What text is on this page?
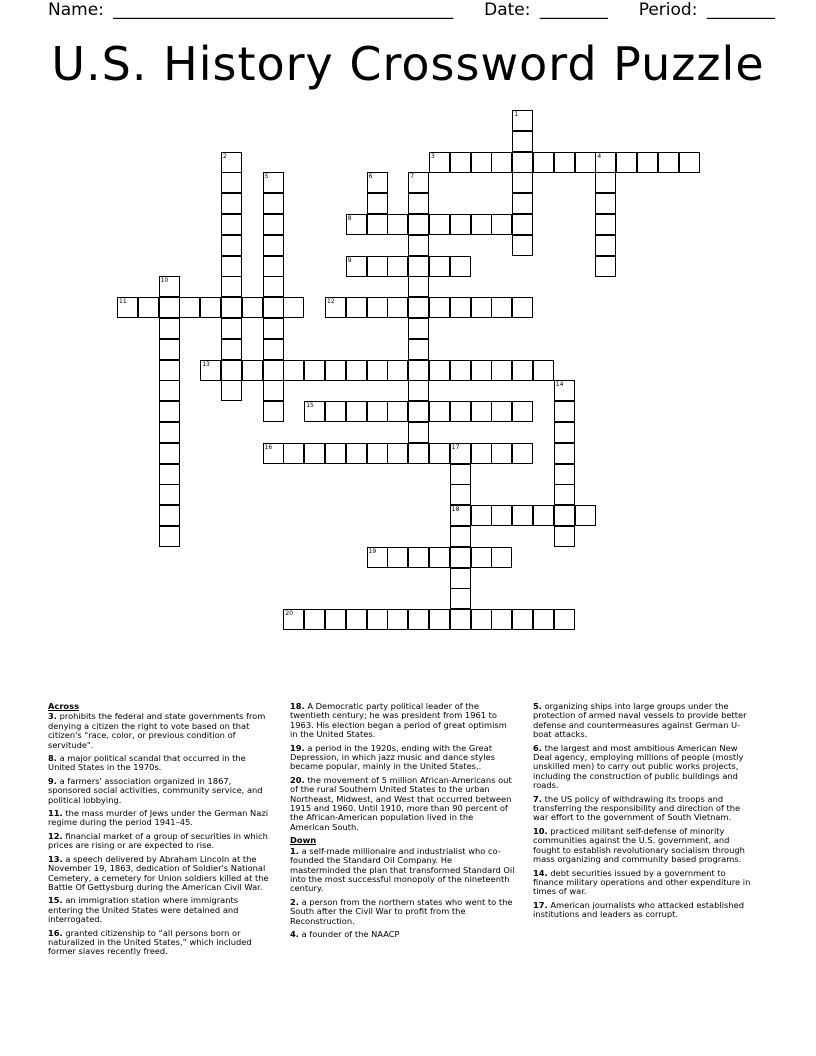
Name: ________________________________________ Date: ________ Period: ________
U.S. History Crossword Puzzle
1
2	3	4
5	6	7
8
9
10
11	12
13
14
15
16	17
18
19
20
Across
3. prohibits the federal and state governments from denying a citizen the right to vote based on that citizen's "race, color, or previous condition of servitude".
8. a major political scandal that occurred in the United States in the 1970s.
9. a farmers' association organized in 1867, sponsored social activities, community service, and political lobbying.
11. the mass murder of Jews under the German Nazi regime during the period 1941–45.
12. financial market of a group of securities in which prices are rising or are expected to rise.
13. a speech delivered by Abraham Lincoln at the November 19, 1863, dedication of Soldier's National Cemetery, a cemetery for Union soldiers killed at the Battle Of Gettysburg during the American Civil War.
15. an immigration station where immigrants entering the United States were detained and interrogated.
16. granted citizenship to “all persons born or naturalized in the United States,” which included former slaves recently freed.
18. A Democratic party political leader of the twentieth century; he was president from 1961 to 1963. His election began a period of great optimism in the United States.
19. a period in the 1920s, ending with the Great Depression, in which jazz music and dance styles became popular, mainly in the United States,.
20. the movement of 5 million African-Americans out of the rural Southern United States to the urban Northeast, Midwest, and West that occurred between 1915 and 1960. Until 1910, more than 90 percent of the African-American population lived in the American South.
Down
1. a self-made millionaire and industrialist who co-founded the Standard Oil Company. He masterminded the plan that transformed Standard Oil into the most successful monopoly of the nineteenth century.
2. a person from the northern states who went to the South after the Civil War to profit from the Reconstruction.
4. a founder of the NAACP
5. organizing ships into large groups under the protection of armed naval vessels to provide better defense and countermeasures against German U-boat attacks.
6. the largest and most ambitious American New Deal agency, employing millions of people (mostly unskilled men) to carry out public works projects, including the construction of public buildings and roads.
7. the US policy of withdrawing its troops and transferring the responsibility and direction of the war effort to the government of South Vietnam.
10. practiced militant self-defense of minority communities against the U.S. government, and fought to establish revolutionary socialism through mass organizing and community based programs.
14. debt securities issued by a government to finance military operations and other expenditure in times of war.
17. American journalists who attacked established institutions and leaders as corrupt.
